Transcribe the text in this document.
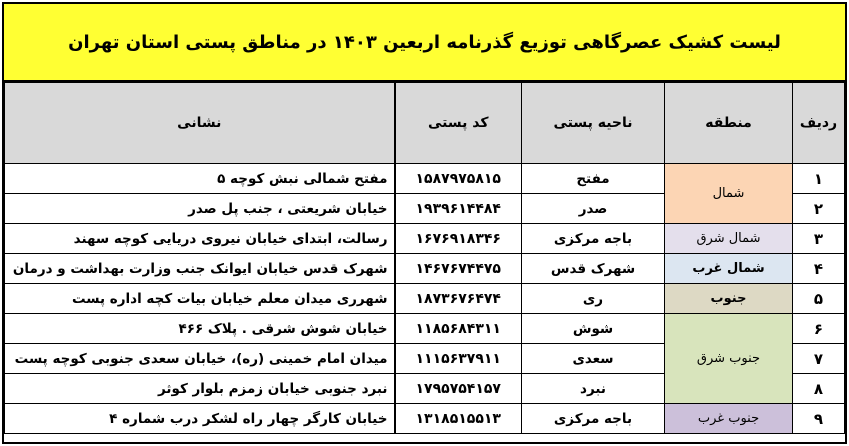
لیست کشیک عصرگاهی توزیع گذرنامه اربعین ۱۴۰۳ در مناطق پستی استان تهران
ردیف	منطقه	ناحیه پستی	کد پستی	نشانی
۱	شمال	مفتح	۱۵۸۷۹۷۵۸۱۵	مفتح شمالی نبش کوچه ۵
۲		صدر	۱۹۳۹۶۱۴۴۸۴	خیابان شریعتی ، جنب پل صدر
۳	شمال شرق	باجه مرکزی	۱۶۷۶۹۱۸۳۴۶	رسالت، ابتدای خیابان نیروی دریایی کوچه سهند
۴	شمال غرب	شهرک قدس	۱۴۶۷۶۷۴۴۷۵	شهرک قدس خیابان ایوانک جنب وزارت بهداشت و درمان
۵	جنوب	ری	۱۸۷۳۶۷۶۴۷۴	شهرری میدان معلم خیابان بیات کچه اداره پست
۶	جنوب شرق	شوش	۱۱۸۵۶۸۴۳۱۱	خیابان شوش شرقی . پلاک ۴۶۶
۷		سعدی	۱۱۱۵۶۳۷۹۱۱	میدان امام خمینی (ره)، خیابان سعدی جنوبی کوچه پست
۸		نبرد	۱۷۹۵۷۵۴۱۵۷	نبرد جنوبی خیابان زمزم بلوار کوثر
۹	جنوب غرب	باجه مرکزی	۱۳۱۸۵۱۵۵۱۳	خیابان کارگر چهار راه لشکر درب شماره ۴
